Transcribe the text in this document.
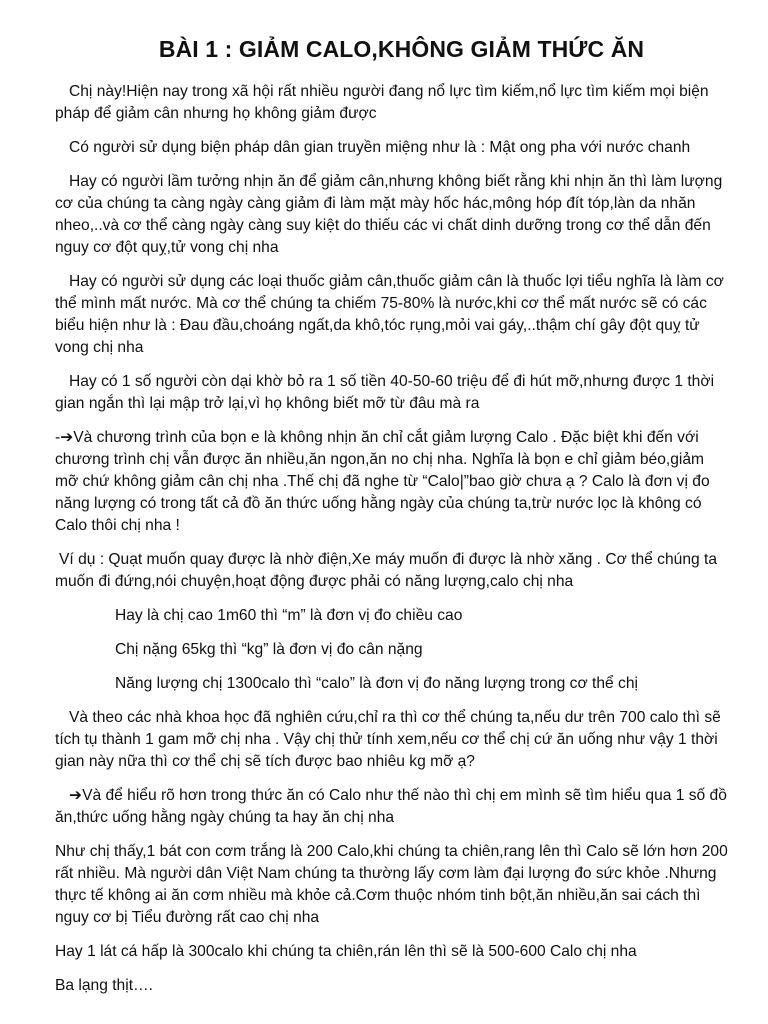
BÀI 1 : GIẢM CALO,KHÔNG GIẢM THỨC ĂN

Chị này!Hiện nay trong xã hội rất nhiều người đang nổ lực tìm kiếm,nổ lực tìm kiếm mọi biện pháp để giảm cân nhưng họ không giảm được

Có người sử dụng biện pháp dân gian truyền miệng như là : Mật ong pha với nước chanh

Hay có người lầm tưởng nhịn ăn để giảm cân,nhưng không biết rằng khi nhịn ăn thì làm lượng cơ của chúng ta càng ngày càng giảm đi làm mặt mày hốc hác,mông hóp đít tóp,làn da nhăn nheo,..và cơ thể càng ngày càng suy kiệt do thiếu các vi chất dinh dưỡng trong cơ thể dẫn đến nguy cơ đột quỵ,tử vong chị nha

Hay có người sử dụng các loại thuốc giảm cân,thuốc giảm cân là thuốc lợi tiểu nghĩa là làm cơ thể mình mất nước. Mà cơ thể chúng ta chiếm 75-80% là nước,khi cơ thể mất nước sẽ có các biểu hiện như là : Đau đầu,choáng ngất,da khô,tóc rụng,mỏi vai gáy,..thậm chí gây đột quỵ tử vong chị nha

Hay có 1 số người còn dại khờ bỏ ra 1 số tiền 40-50-60 triệu để đi hút mỡ,nhưng được 1 thời gian ngắn thì lại mập trở lại,vì họ không biết mỡ từ đâu mà ra

-➔Và chương trình của bọn e là không nhịn ăn chỉ cắt giảm lượng Calo . Đặc biệt khi đến với chương trình chị vẫn được ăn nhiều,ăn ngon,ăn no chị nha. Nghĩa là bọn e chỉ giảm béo,giảm mỡ chứ không giảm cân chị nha .Thế chị đã nghe từ “Calo|”bao giờ chưa ạ ? Calo là đơn vị đo năng lượng có trong tất cả đồ ăn thức uống hằng ngày của chúng ta,trừ nước lọc là không có Calo thôi chị nha !

Ví dụ : Quạt muốn quay được là nhờ điện,Xe máy muốn đi được là nhờ xăng . Cơ thể chúng ta muốn đi đứng,nói chuyện,hoạt động được phải có năng lượng,calo chị nha

Hay là chị cao 1m60 thì “m” là đơn vị đo chiều cao

Chị nặng 65kg thì “kg” là đơn vị đo cân nặng

Năng lượng chị 1300calo thì “calo” là đơn vị đo năng lượng trong cơ thể chị

Và theo các nhà khoa học đã nghiên cứu,chỉ ra thì cơ thể chúng ta,nếu dư trên 700 calo thì sẽ tích tụ thành 1 gam mỡ chị nha . Vậy chị thử tính xem,nếu cơ thể chị cứ ăn uống như vậy 1 thời gian này nữa thì cơ thể chị sẽ tích được bao nhiêu kg mỡ ạ?

➔Và để hiểu rõ hơn trong thức ăn có Calo như thế nào thì chị em mình sẽ tìm hiểu qua 1 số đồ ăn,thức uống hằng ngày chúng ta hay ăn chị nha

Như chị thấy,1 bát con cơm trắng là 200 Calo,khi chúng ta chiên,rang lên thì Calo sẽ lớn hơn 200 rất nhiều. Mà người dân Việt Nam chúng ta thường lấy cơm làm đại lượng đo sức khỏe .Nhưng thực tế không ai ăn cơm nhiều mà khỏe cả.Cơm thuộc nhóm tinh bột,ăn nhiều,ăn sai cách thì nguy cơ bị Tiểu đường rất cao chị nha

Hay 1 lát cá hấp là 300calo khi chúng ta chiên,rán lên thì sẽ là 500-600 Calo chị nha

Ba lạng thịt….
